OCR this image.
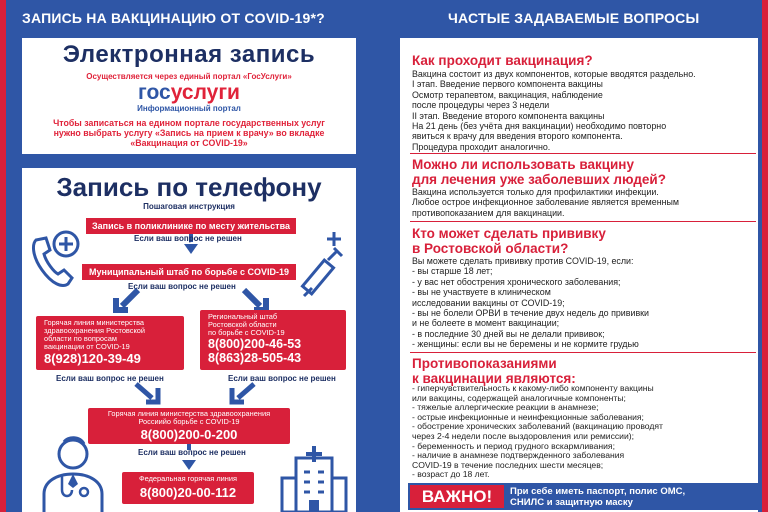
ЗАПИСЬ НА ВАКЦИНАЦИЮ ОТ COVID-19*?	ЧАСТЫЕ ЗАДАВАЕМЫЕ ВОПРОСЫ
Электронная запись
Осуществляется через единый портал «ГосУслуги»
госуслуги
Информационный портал
Чтобы записаться на едином портале государственных услуг
нужно выбрать услугу «Запись на прием к врачу» во вкладке
«Вакцинация от COVID-19»
Запись по телефону
Пошаговая инструкция
Запись в поликлинике по месту жительства
Если ваш вопрос не решен
Муниципальный штаб по борьбе с COVID-19
Если ваш вопрос не решен
Горячая линия министерства
здравоохранения Ростовской
области по вопросам
вакцинации от COVID-19
8(928)120-39-49
Если ваш вопрос не решен
Региональный штаб
Ростовской области
по борьбе с COVID-19
8(800)200-46-53
8(863)28-505-43
Если ваш вопрос не решен
Горячая линия министерства здравоохранения
Россиийо борьбе с COVID-19
8(800)200-0-200
Если ваш вопрос не решен
Федеральная горячая линия
8(800)20-00-112
Как проходит вакцинация?
Вакцина состоит из двух компонентов, которые вводятся раздельно.
I этап. Введение первого компонента вакцины
Осмотр терапевтом, вакцинация, наблюдение
после процедуры через 3 недели
II этап. Введение второго компонента вакцины
На 21 день (без учёта дня вакцинации) необходимо повторно
явиться к врачу для введения второго компонента.
Процедура проходит аналогично.
Можно ли использовать вакцину
для лечения уже заболевших людей?
Вакцина используется только для профилактики инфекции.
Любое острое инфекционное заболевание является временным
противопоказанием для вакцинации.
Кто может сделать прививку
в Ростовской области?
Вы можете сделать прививку против COVID-19, если:
- вы старше 18 лет;
- у вас нет обострения хронического заболевания;
- вы не участвуете в клиническом
исследовании вакцины от COVID-19;
- вы не болели ОРВИ в течение двух недель до прививки
и не болеете в момент вакцинации;
- в последние 30 дней вы не делали прививок;
- женщины: если вы не беремены и не кормите грудью
Противопоказаниями
к вакцинации являются:
- гиперчувствительность к какому-либо компоненту вакцины
или вакцины, содержащей аналогичные компоненты;
- тяжелые аллергические реакции в анамнезе;
- острые инфекционные и неинфекционные заболевания;
- обострение хронических заболеваний (вакцинацию проводят
через 2-4 недели после выздоровления или ремиссии);
- беременность и период грудного вскармливания;
- наличие в анамнезе подтвержденного заболевания
COVID-19 в течение последних шести месяцев;
- возраст до 18 лет.
ВАЖНО!	При себе иметь паспорт, полис ОМС,
СНИЛС и защитную маску
